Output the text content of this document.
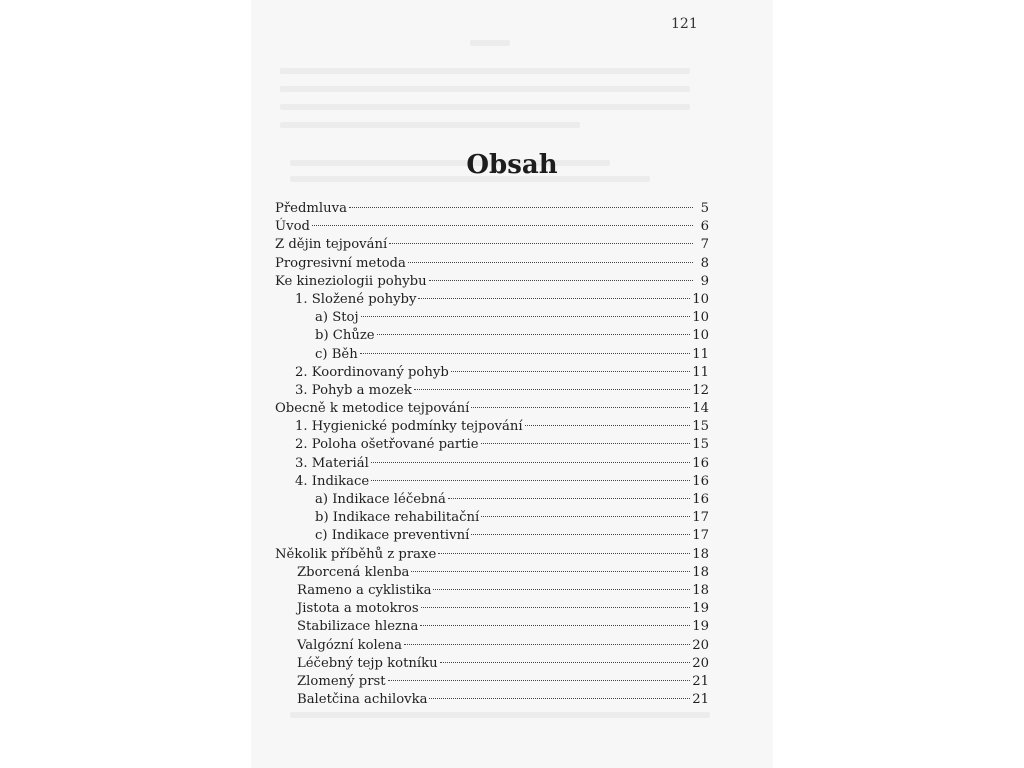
121
Obsah
Předmluva	5
Úvod	6
Z dějin tejpování	7
Progresivní metoda	8
Ke kineziologii pohybu	9
1. Složené pohyby	10
a) Stoj	10
b) Chůze	10
c) Běh	11
2. Koordinovaný pohyb	11
3. Pohyb a mozek	12
Obecně k metodice tejpování	14
1. Hygienické podmínky tejpování	15
2. Poloha ošetřované partie	15
3. Materiál	16
4. Indikace	16
a) Indikace léčebná	16
b) Indikace rehabilitační	17
c) Indikace preventivní	17
Několik příběhů z praxe	18
Zborcená klenba	18
Rameno a cyklistika	18
Jistota a motokros	19
Stabilizace hlezna	19
Valgózní kolena	20
Léčebný tejp kotníku	20
Zlomený prst	21
Baletčina achilovka	21
